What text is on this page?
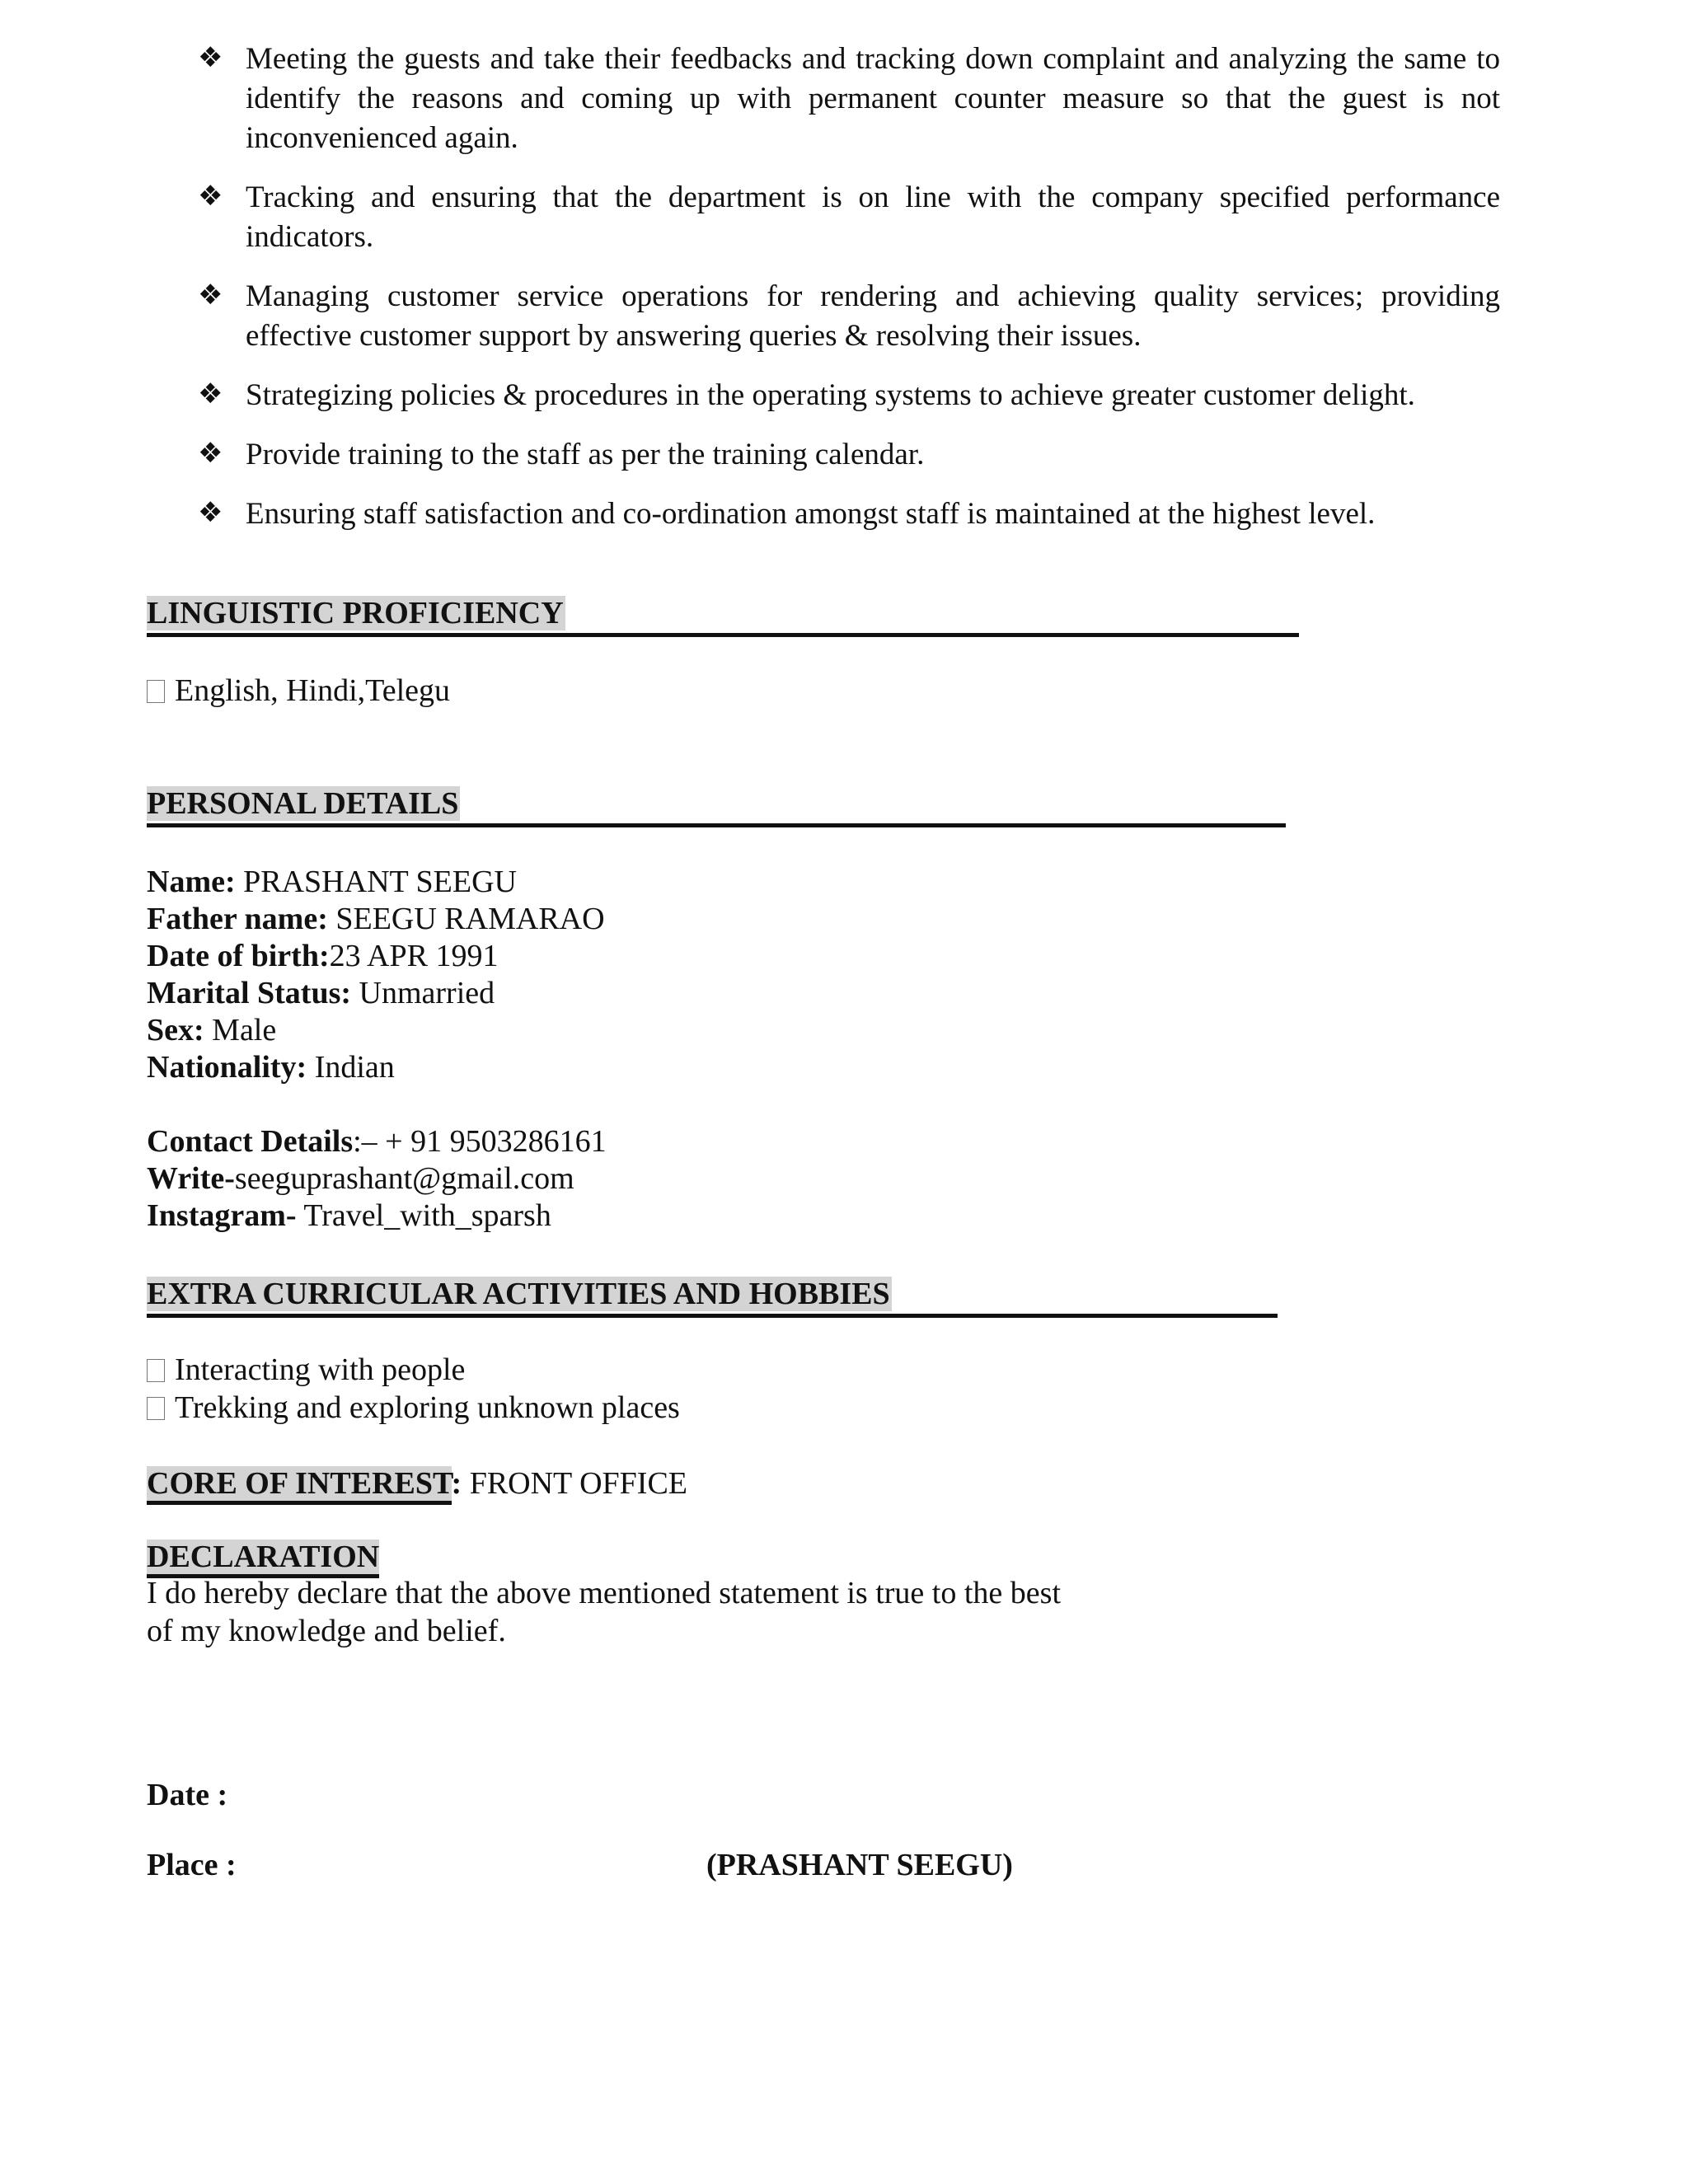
❖ Meeting the guests and take their feedbacks and tracking down complaint and analyzing the same to identify the reasons and coming up with permanent counter measure so that the guest is not inconvenienced again.
❖ Tracking and ensuring that the department is on line with the company specified performance indicators.
❖ Managing customer service operations for rendering and achieving quality services; providing effective customer support by answering queries & resolving their issues.
❖ Strategizing policies & procedures in the operating systems to achieve greater customer delight.
❖ Provide training to the staff as per the training calendar.
❖ Ensuring staff satisfaction and co-ordination amongst staff is maintained at the highest level.
LINGUISTIC PROFICIENCY
English, Hindi,Telegu
PERSONAL DETAILS
Name: PRASHANT SEEGU
Father name: SEEGU RAMARAO
Date of birth:23 APR 1991
Marital Status: Unmarried
Sex: Male
Nationality: Indian
Contact Details:– + 91 9503286161
Write-seeguprashant@gmail.com
Instagram- Travel_with_sparsh
EXTRA CURRICULAR ACTIVITIES AND HOBBIES
Interacting with people
Trekking and exploring unknown places
CORE OF INTEREST: FRONT OFFICE
DECLARATION
I do hereby declare that the above mentioned statement is true to the best
of my knowledge and belief.
Date :
Place :	(PRASHANT SEEGU)
